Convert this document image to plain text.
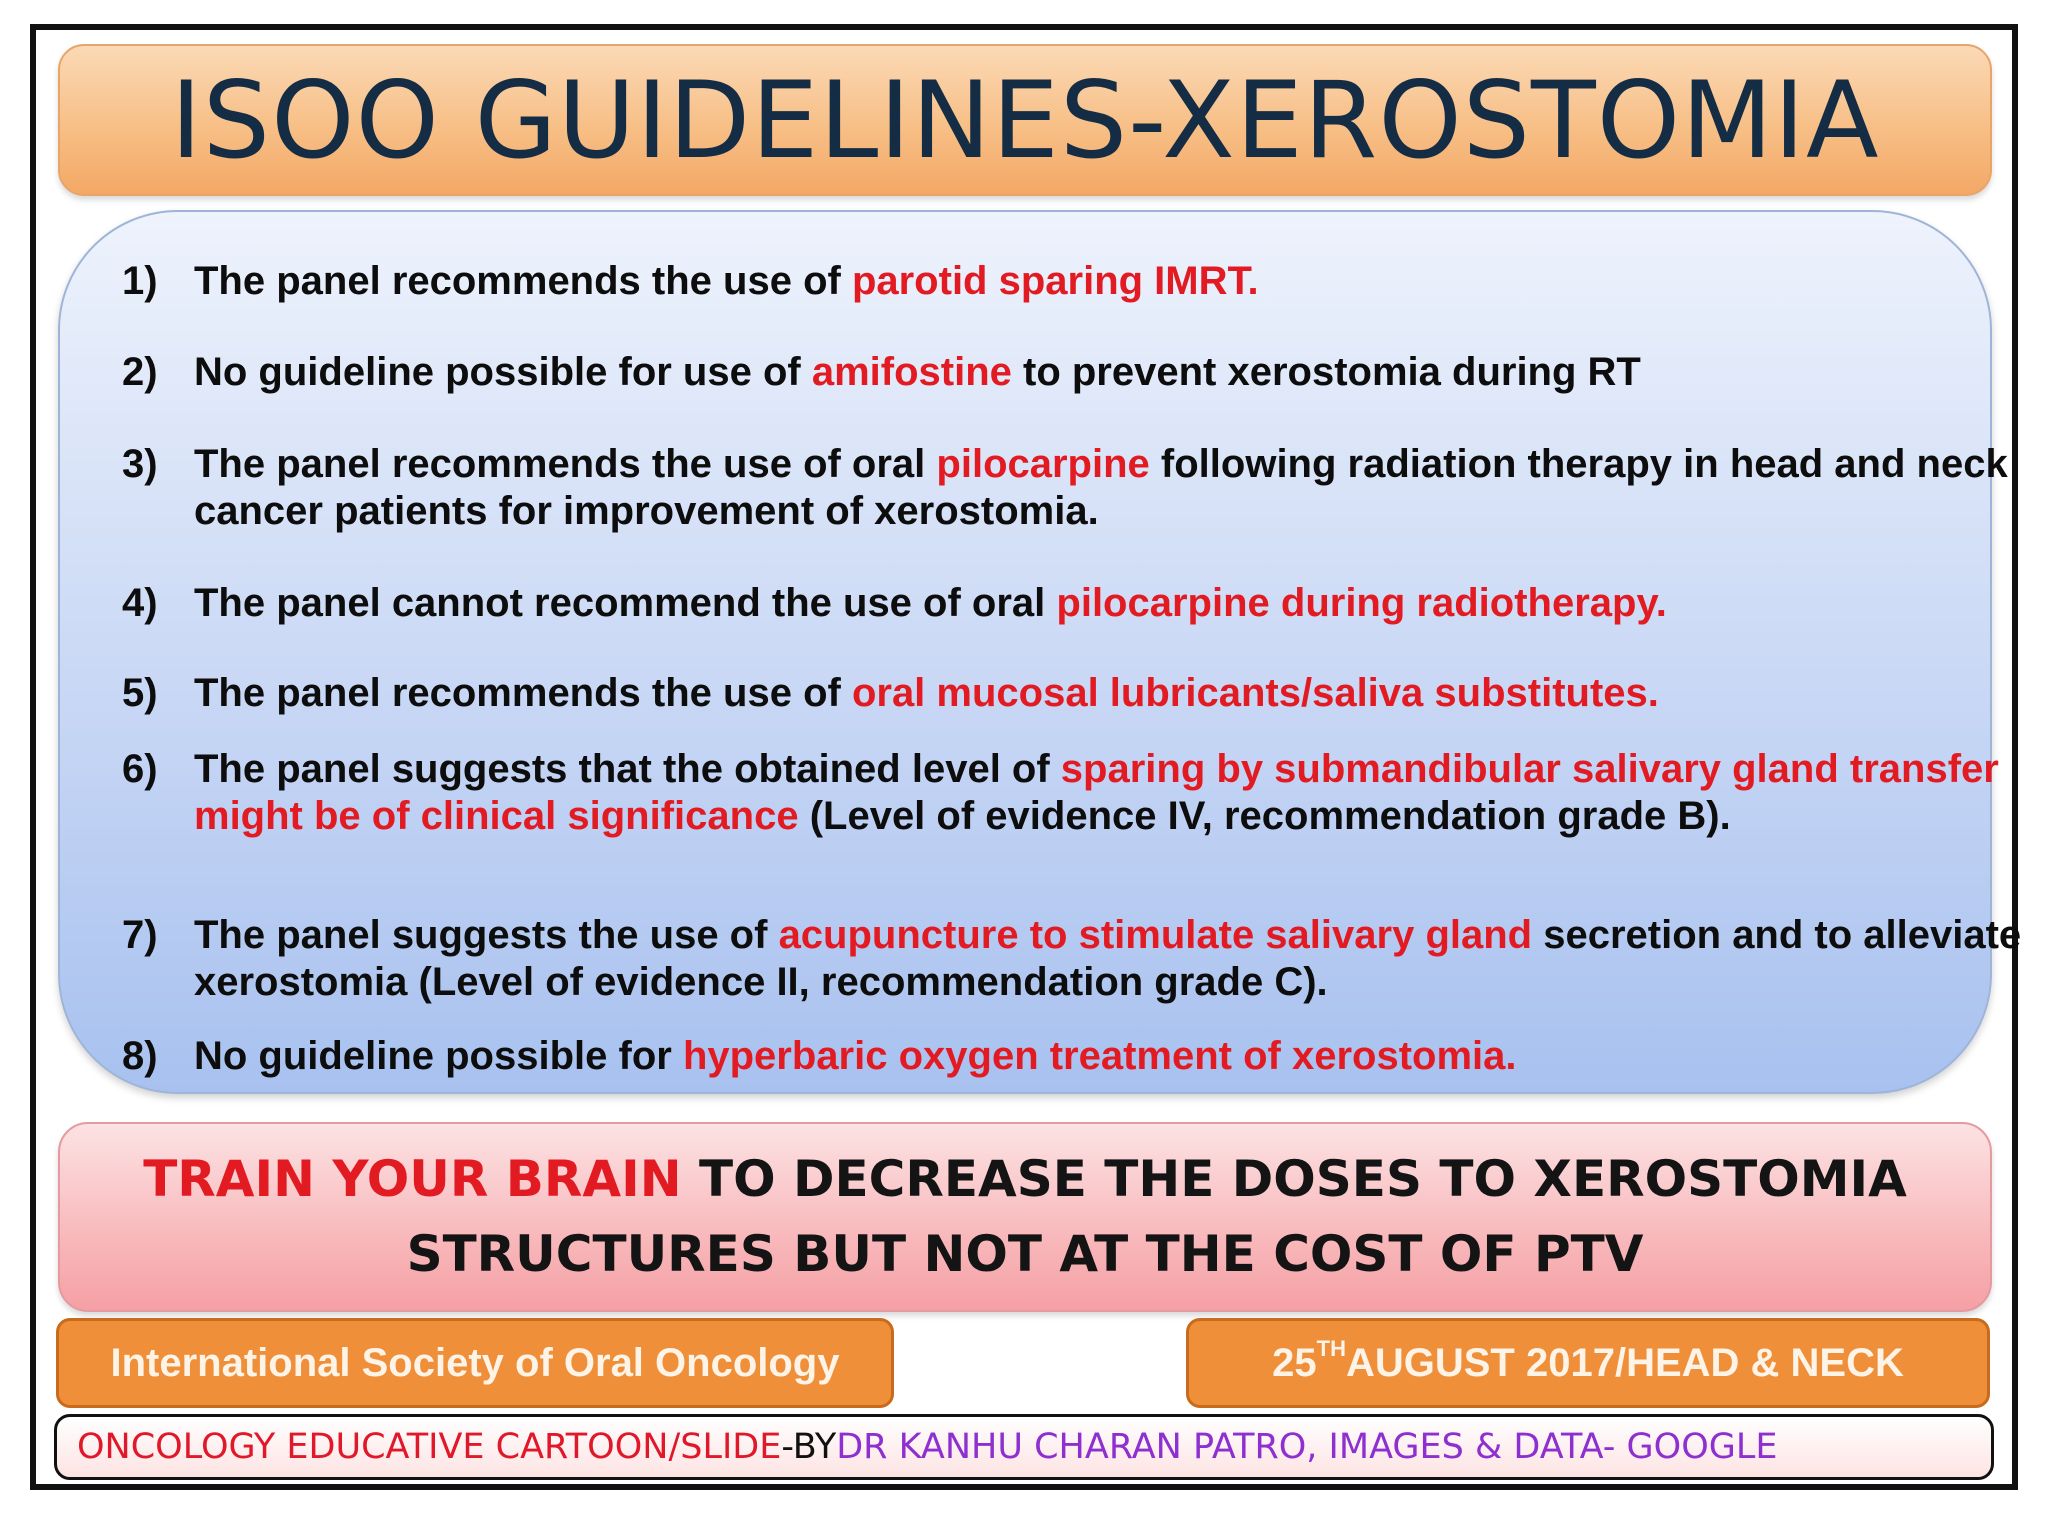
ISOO GUIDELINES-XEROSTOMIA
1) The panel recommends the use of parotid sparing IMRT.
2) No guideline possible for use of amifostine to prevent xerostomia during RT
3) The panel recommends the use of oral pilocarpine following radiation therapy in head and neck cancer patients for improvement of xerostomia.
4) The panel cannot recommend the use of oral pilocarpine during radiotherapy.
5) The panel recommends the use of oral mucosal lubricants/saliva substitutes.
6) The panel suggests that the obtained level of sparing by submandibular salivary gland transfer might be of clinical significance (Level of evidence IV, recommendation grade B).
7) The panel suggests the use of acupuncture to stimulate salivary gland secretion and to alleviate xerostomia (Level of evidence II, recommendation grade C).
8) No guideline possible for hyperbaric oxygen treatment of xerostomia.
TRAIN YOUR BRAIN TO DECREASE THE DOSES TO XEROSTOMIA
STRUCTURES BUT NOT AT THE COST OF PTV
International Society of Oral Oncology	25TH AUGUST 2017/HEAD & NECK
ONCOLOGY EDUCATIVE CARTOON/SLIDE -BY DR KANHU CHARAN PATRO, IMAGES & DATA- GOOGLE
